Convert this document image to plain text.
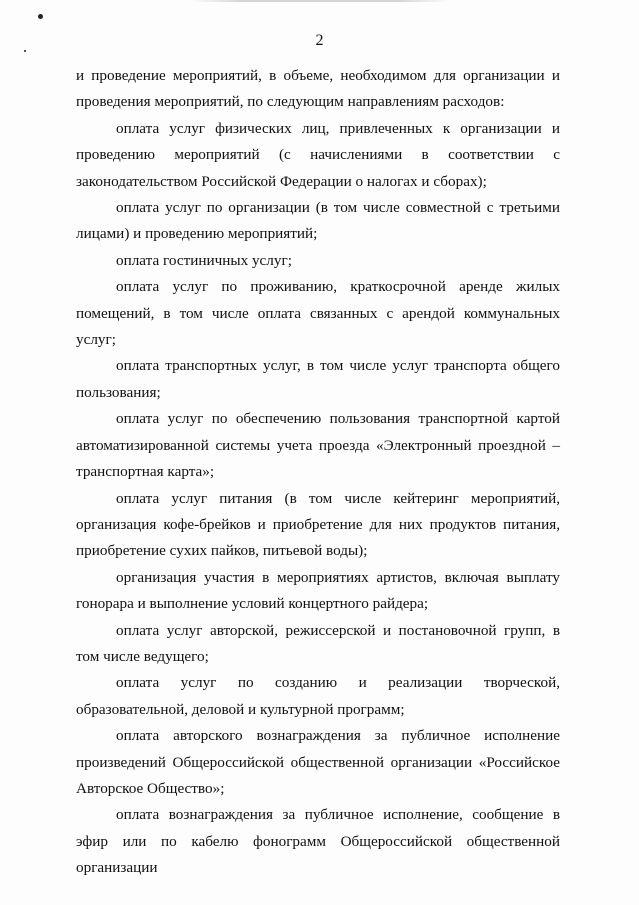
2

и проведение мероприятий, в объеме, необходимом для организации и проведения мероприятий, по следующим направлениям расходов:

оплата услуг физических лиц, привлеченных к организации и проведению мероприятий (с начислениями в соответствии с законодательством Российской Федерации о налогах и сборах);

оплата услуг по организации (в том числе совместной с третьими лицами) и проведению мероприятий;

оплата гостиничных услуг;

оплата услуг по проживанию, краткосрочной аренде жилых помещений, в том числе оплата связанных с арендой коммунальных услуг;

оплата транспортных услуг, в том числе услуг транспорта общего пользования;

оплата услуг по обеспечению пользования транспортной картой автоматизированной системы учета проезда «Электронный проездной – транспортная карта»;

оплата услуг питания (в том числе кейтеринг мероприятий, организация кофе-брейков и приобретение для них продуктов питания, приобретение сухих пайков, питьевой воды);

организация участия в мероприятиях артистов, включая выплату гонорара и выполнение условий концертного райдера;

оплата услуг авторской, режиссерской и постановочной групп, в том числе ведущего;

оплата услуг по созданию и реализации творческой, образовательной, деловой и культурной программ;

оплата авторского вознаграждения за публичное исполнение произведений Общероссийской общественной организации «Российское Авторское Общество»;

оплата вознаграждения за публичное исполнение, сообщение в эфир или по кабелю фонограмм Общероссийской общественной организации
